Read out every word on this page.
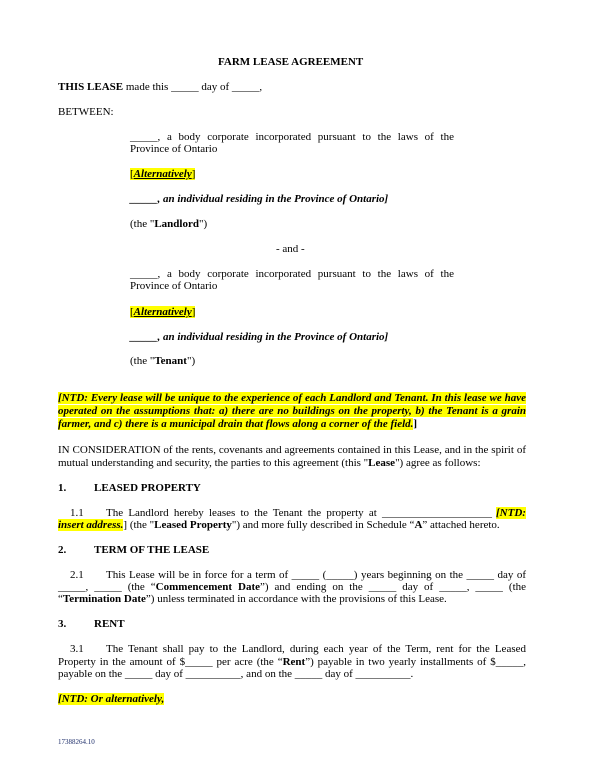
FARM LEASE AGREEMENT
THIS LEASE made this _____ day of _____,
BETWEEN:
_____, a body corporate incorporated pursuant to the laws of the
Province of Ontario
[Alternatively]
_____, an individual residing in the Province of Ontario]
(the "Landlord")
- and -
_____, a body corporate incorporated pursuant to the laws of the
Province of Ontario
[Alternatively]
_____, an individual residing in the Province of Ontario]
(the "Tenant")
[NTD: Every lease will be unique to the experience of each Landlord and Tenant. In this lease we have
operated on the assumptions that: a) there are no buildings on the property, b) the Tenant is a grain
farmer, and c) there is a municipal drain that flows along a corner of the field.]
IN CONSIDERATION of the rents, covenants and agreements contained in this Lease, and in the spirit of
mutual understanding and security, the parties to this agreement (this "Lease") agree as follows:
1.	LEASED PROPERTY
1.1 The Landlord hereby leases to the Tenant the property at ____________________ [NTD:
insert address.] (the "Leased Property") and more fully described in Schedule “A” attached hereto.
2.	TERM OF THE LEASE
2.1 This Lease will be in force for a term of _____ (_____) years beginning on the _____ day of
_____, _____ (the “Commencement Date”) and ending on the _____ day of _____, _____ (the
“Termination Date”) unless terminated in accordance with the provisions of this Lease.
3.	RENT
3.1 The Tenant shall pay to the Landlord, during each year of the Term, rent for the Leased
Property in the amount of $_____ per acre (the “Rent”) payable in two yearly installments of $_____,
payable on the _____ day of __________, and on the _____ day of __________.
[NTD: Or alternatively,
17388264.10
